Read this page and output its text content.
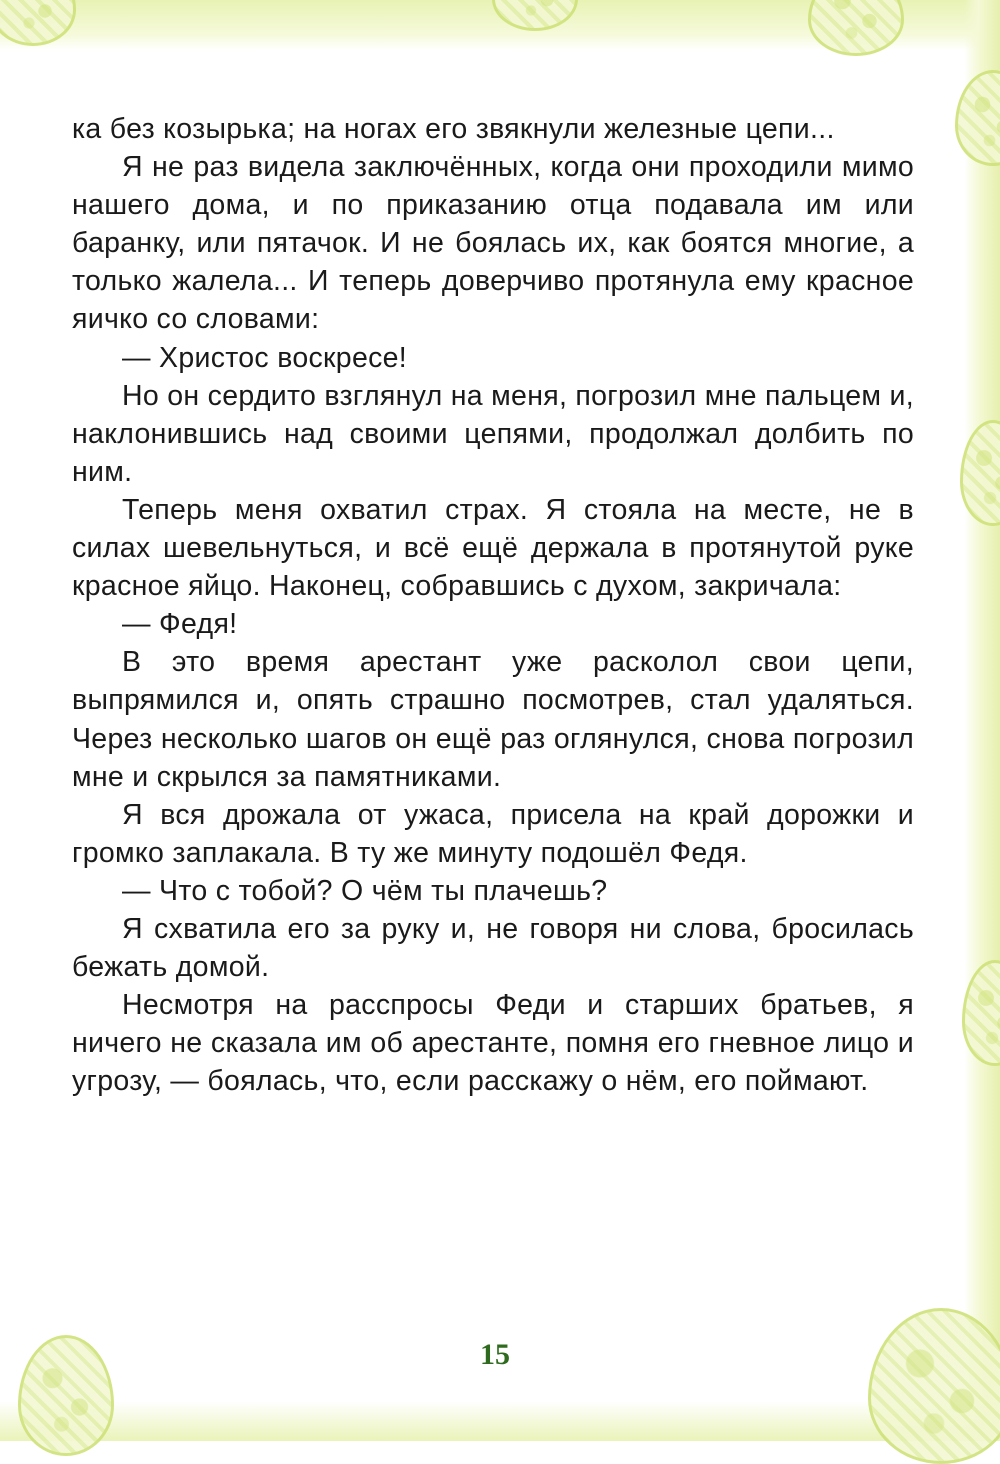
ка без козырька; на ногах его звякнули железные цепи...

Я не раз видела заключённых, когда они проходили мимо нашего дома, и по приказанию отца подавала им или баранку, или пятачок. И не боялась их, как боятся многие, а только жалела... И теперь доверчиво протянула ему красное яичко со словами:

— Христос воскресе!

Но он сердито взглянул на меня, погрозил мне пальцем и, наклонившись над своими цепями, продолжал долбить по ним.

Теперь меня охватил страх. Я стояла на месте, не в силах шевельнуться, и всё ещё держала в протянутой руке красное яйцо. Наконец, собравшись с духом, закричала:

— Федя!

В это время арестант уже расколол свои цепи, выпрямился и, опять страшно посмотрев, стал удаляться. Через несколько шагов он ещё раз оглянулся, снова погрозил мне и скрылся за памятниками.

Я вся дрожала от ужаса, присела на край дорожки и громко заплакала. В ту же минуту подошёл Федя.

— Что с тобой? О чём ты плачешь?

Я схватила его за руку и, не говоря ни слова, бросилась бежать домой.

Несмотря на расспросы Феди и старших братьев, я ничего не сказала им об арестанте, помня его гневное лицо и угрозу, — боялась, что, если расскажу о нём, его поймают.

15
